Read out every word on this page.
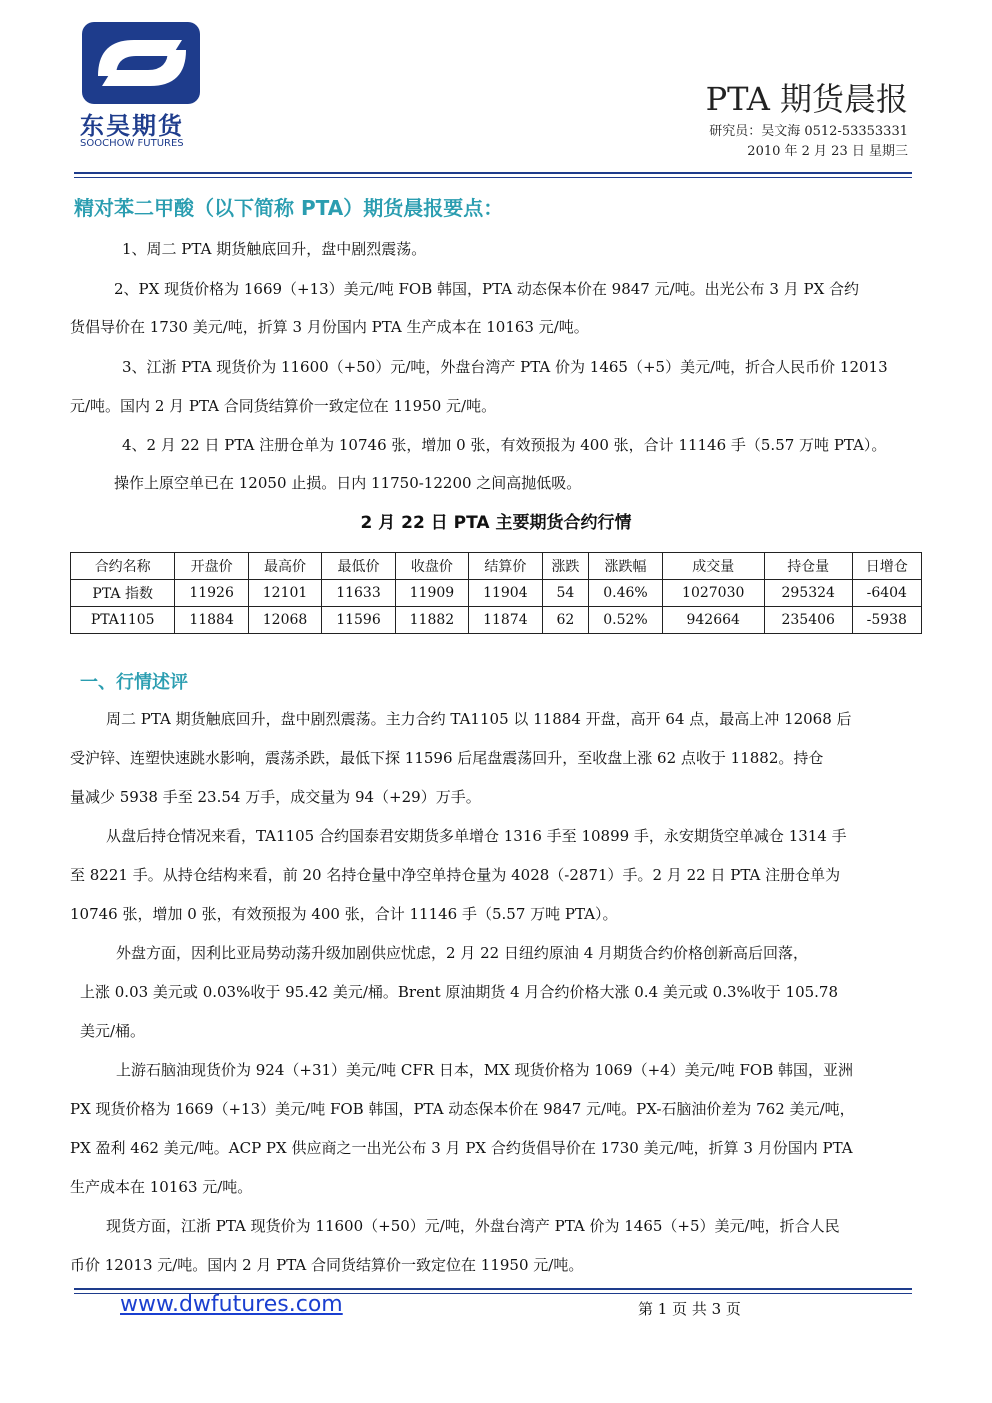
东吴期货
SOOCHOW FUTURES
PTA 期货晨报
研究员：吴文海 0512-53353331
2010 年 2 月 23 日 星期三
精对苯二甲酸（以下简称 PTA）期货晨报要点：
1、周二 PTA 期货触底回升，盘中剧烈震荡。
2、PX 现货价格为 1669（+13）美元/吨 FOB 韩国，PTA 动态保本价在 9847 元/吨。出光公布 3 月 PX 合约
货倡导价在 1730 美元/吨，折算 3 月份国内 PTA 生产成本在 10163 元/吨。
3、江浙 PTA 现货价为 11600（+50）元/吨，外盘台湾产 PTA 价为 1465（+5）美元/吨，折合人民币价 12013
元/吨。国内 2 月 PTA 合同货结算价一致定位在 11950 元/吨。
4、2 月 22 日 PTA 注册仓单为 10746 张，增加 0 张，有效预报为 400 张，合计 11146 手（5.57 万吨 PTA）。
操作上原空单已在 12050 止损。日内 11750-12200 之间高抛低吸。
2 月 22 日 PTA 主要期货合约行情
合约名称	开盘价	最高价	最低价	收盘价	结算价	涨跌	涨跌幅	成交量	持仓量	日增仓
PTA 指数	11926	12101	11633	11909	11904	54	0.46%	1027030	295324	-6404
PTA1105	11884	12068	11596	11882	11874	62	0.52%	942664	235406	-5938
一、行情述评
周二 PTA 期货触底回升，盘中剧烈震荡。主力合约 TA1105 以 11884 开盘，高开 64 点，最高上冲 12068 后
受沪锌、连塑快速跳水影响，震荡杀跌，最低下探 11596 后尾盘震荡回升，至收盘上涨 62 点收于 11882。持仓
量减少 5938 手至 23.54 万手，成交量为 94（+29）万手。
从盘后持仓情况来看，TA1105 合约国泰君安期货多单增仓 1316 手至 10899 手，永安期货空单减仓 1314 手
至 8221 手。从持仓结构来看，前 20 名持仓量中净空单持仓量为 4028（-2871）手。2 月 22 日 PTA 注册仓单为
10746 张，增加 0 张，有效预报为 400 张，合计 11146 手（5.57 万吨 PTA）。
外盘方面，因利比亚局势动荡升级加剧供应忧虑，2 月 22 日纽约原油 4 月期货合约价格创新高后回落，
上涨 0.03 美元或 0.03%收于 95.42 美元/桶。Brent 原油期货 4 月合约价格大涨 0.4 美元或 0.3%收于 105.78
美元/桶。
上游石脑油现货价为 924（+31）美元/吨 CFR 日本，MX 现货价格为 1069（+4）美元/吨 FOB 韩国，亚洲
PX 现货价格为 1669（+13）美元/吨 FOB 韩国，PTA 动态保本价在 9847 元/吨。PX-石脑油价差为 762 美元/吨，
PX 盈利 462 美元/吨。ACP PX 供应商之一出光公布 3 月 PX 合约货倡导价在 1730 美元/吨，折算 3 月份国内 PTA
生产成本在 10163 元/吨。
现货方面，江浙 PTA 现货价为 11600（+50）元/吨，外盘台湾产 PTA 价为 1465（+5）美元/吨，折合人民
币价 12013 元/吨。国内 2 月 PTA 合同货结算价一致定位在 11950 元/吨。
www.dwfutures.com	第 1 页 共 3 页
